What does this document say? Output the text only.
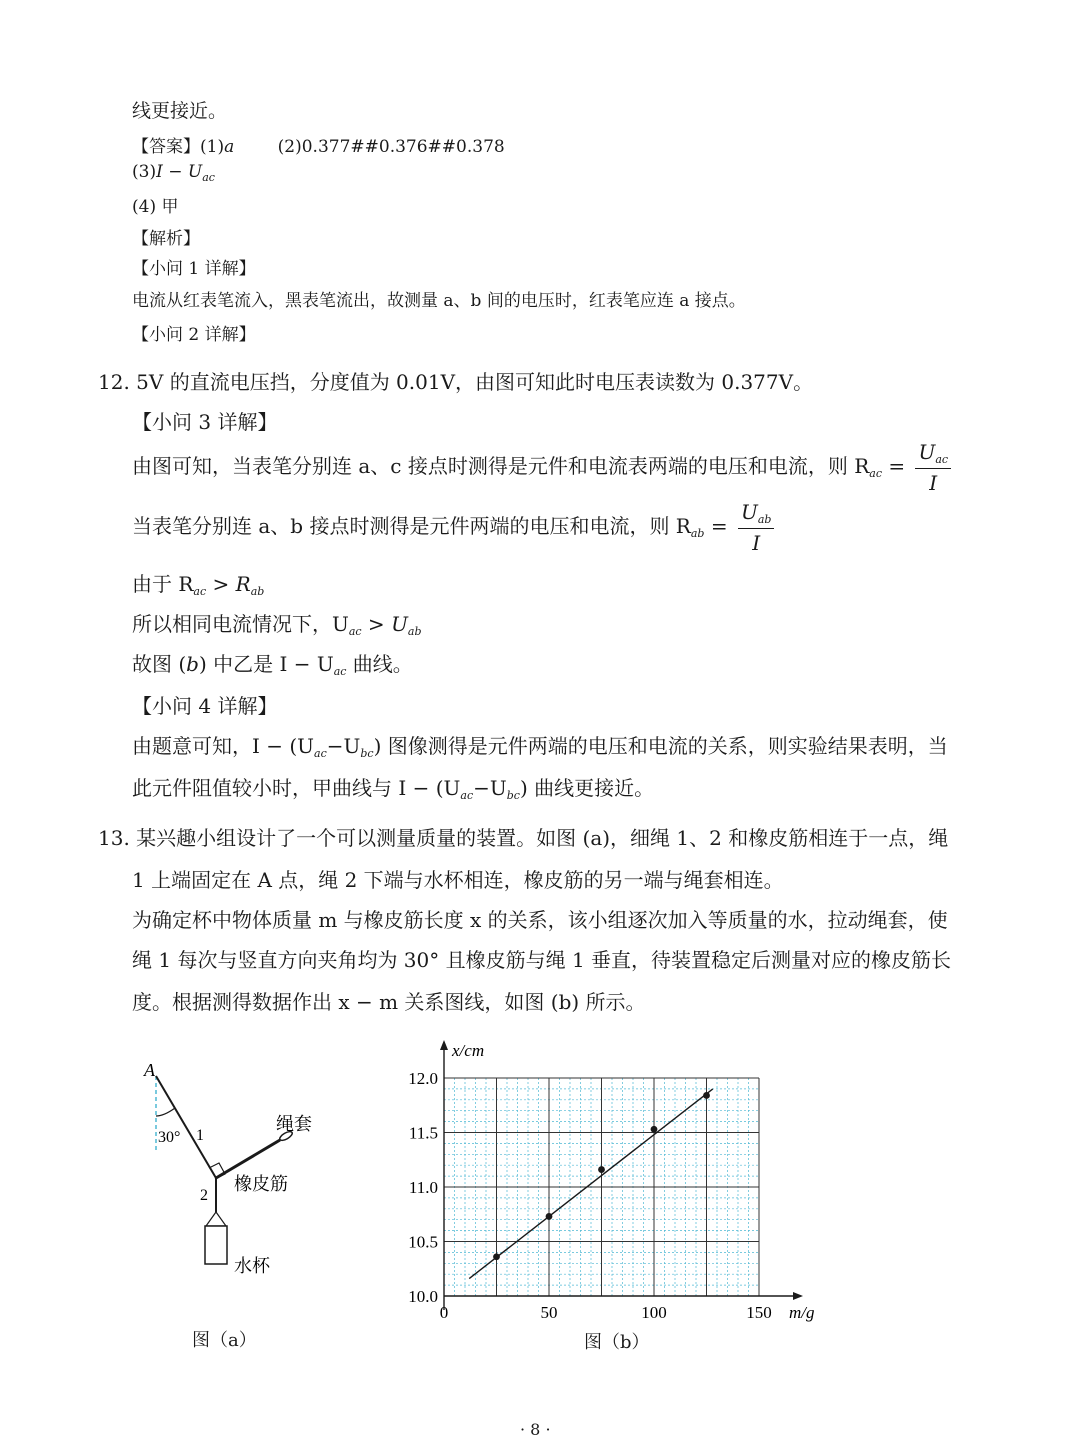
线更接近。
【答案】(1)a	(2)0.377##0.376##0.378
$(3)I - U_{ac}$
(4) 甲
【解析】
【小问 1 详解】
电流从红表笔流入，黑表笔流出，故测量 a、b 间的电压时，红表笔应连 a 接点。
【小问 2 详解】
12. 5V 的直流电压挡，分度值为 0.01V，由图可知此时电压表读数为 0.377V。
【小问 3 详解】
由图可知，当表笔分别连 a、c 接点时测得是元件和电流表两端的电压和电流，则 $R_{ac} = \frac{U_{ac}}{I}$
当表笔分别连 a、b 接点时测得是元件两端的电压和电流，则 $R_{ab} = \frac{U_{ab}}{I}$
由于 $R_{ac} > R_{ab}$
所以相同电流情况下，$U_{ac} > U_{ab}$
故图 (b) 中乙是 $I - U_{ac}$ 曲线。
【小问 4 详解】
由题意可知，$I - (U_{ac}-U_{bc})$ 图像测得是元件两端的电压和电流的关系，则实验结果表明，当
此元件阻值较小时，甲曲线与 $I - (U_{ac}-U_{bc})$ 曲线更接近。
13. 某兴趣小组设计了一个可以测量质量的装置。如图 (a)，细绳 1、2 和橡皮筋相连于一点，绳
1 上端固定在 A 点，绳 2 下端与水杯相连，橡皮筋的另一端与绳套相连。
为确定杯中物体质量 m 与橡皮筋长度 x 的关系，该小组逐次加入等质量的水，拉动绳套，使
绳 1 每次与竖直方向夹角均为 30° 且橡皮筋与绳 1 垂直，待装置稳定后测量对应的橡皮筋长
度。根据测得数据作出 x − m 关系图线，如图 (b) 所示。
A
30° 1
绳套
橡皮筋
2
水杯
图（a）
10.0
10.5
11.0
11.5
12.0
0	50	100	150
x/cm
m/g
图（b）
· 8 ·
